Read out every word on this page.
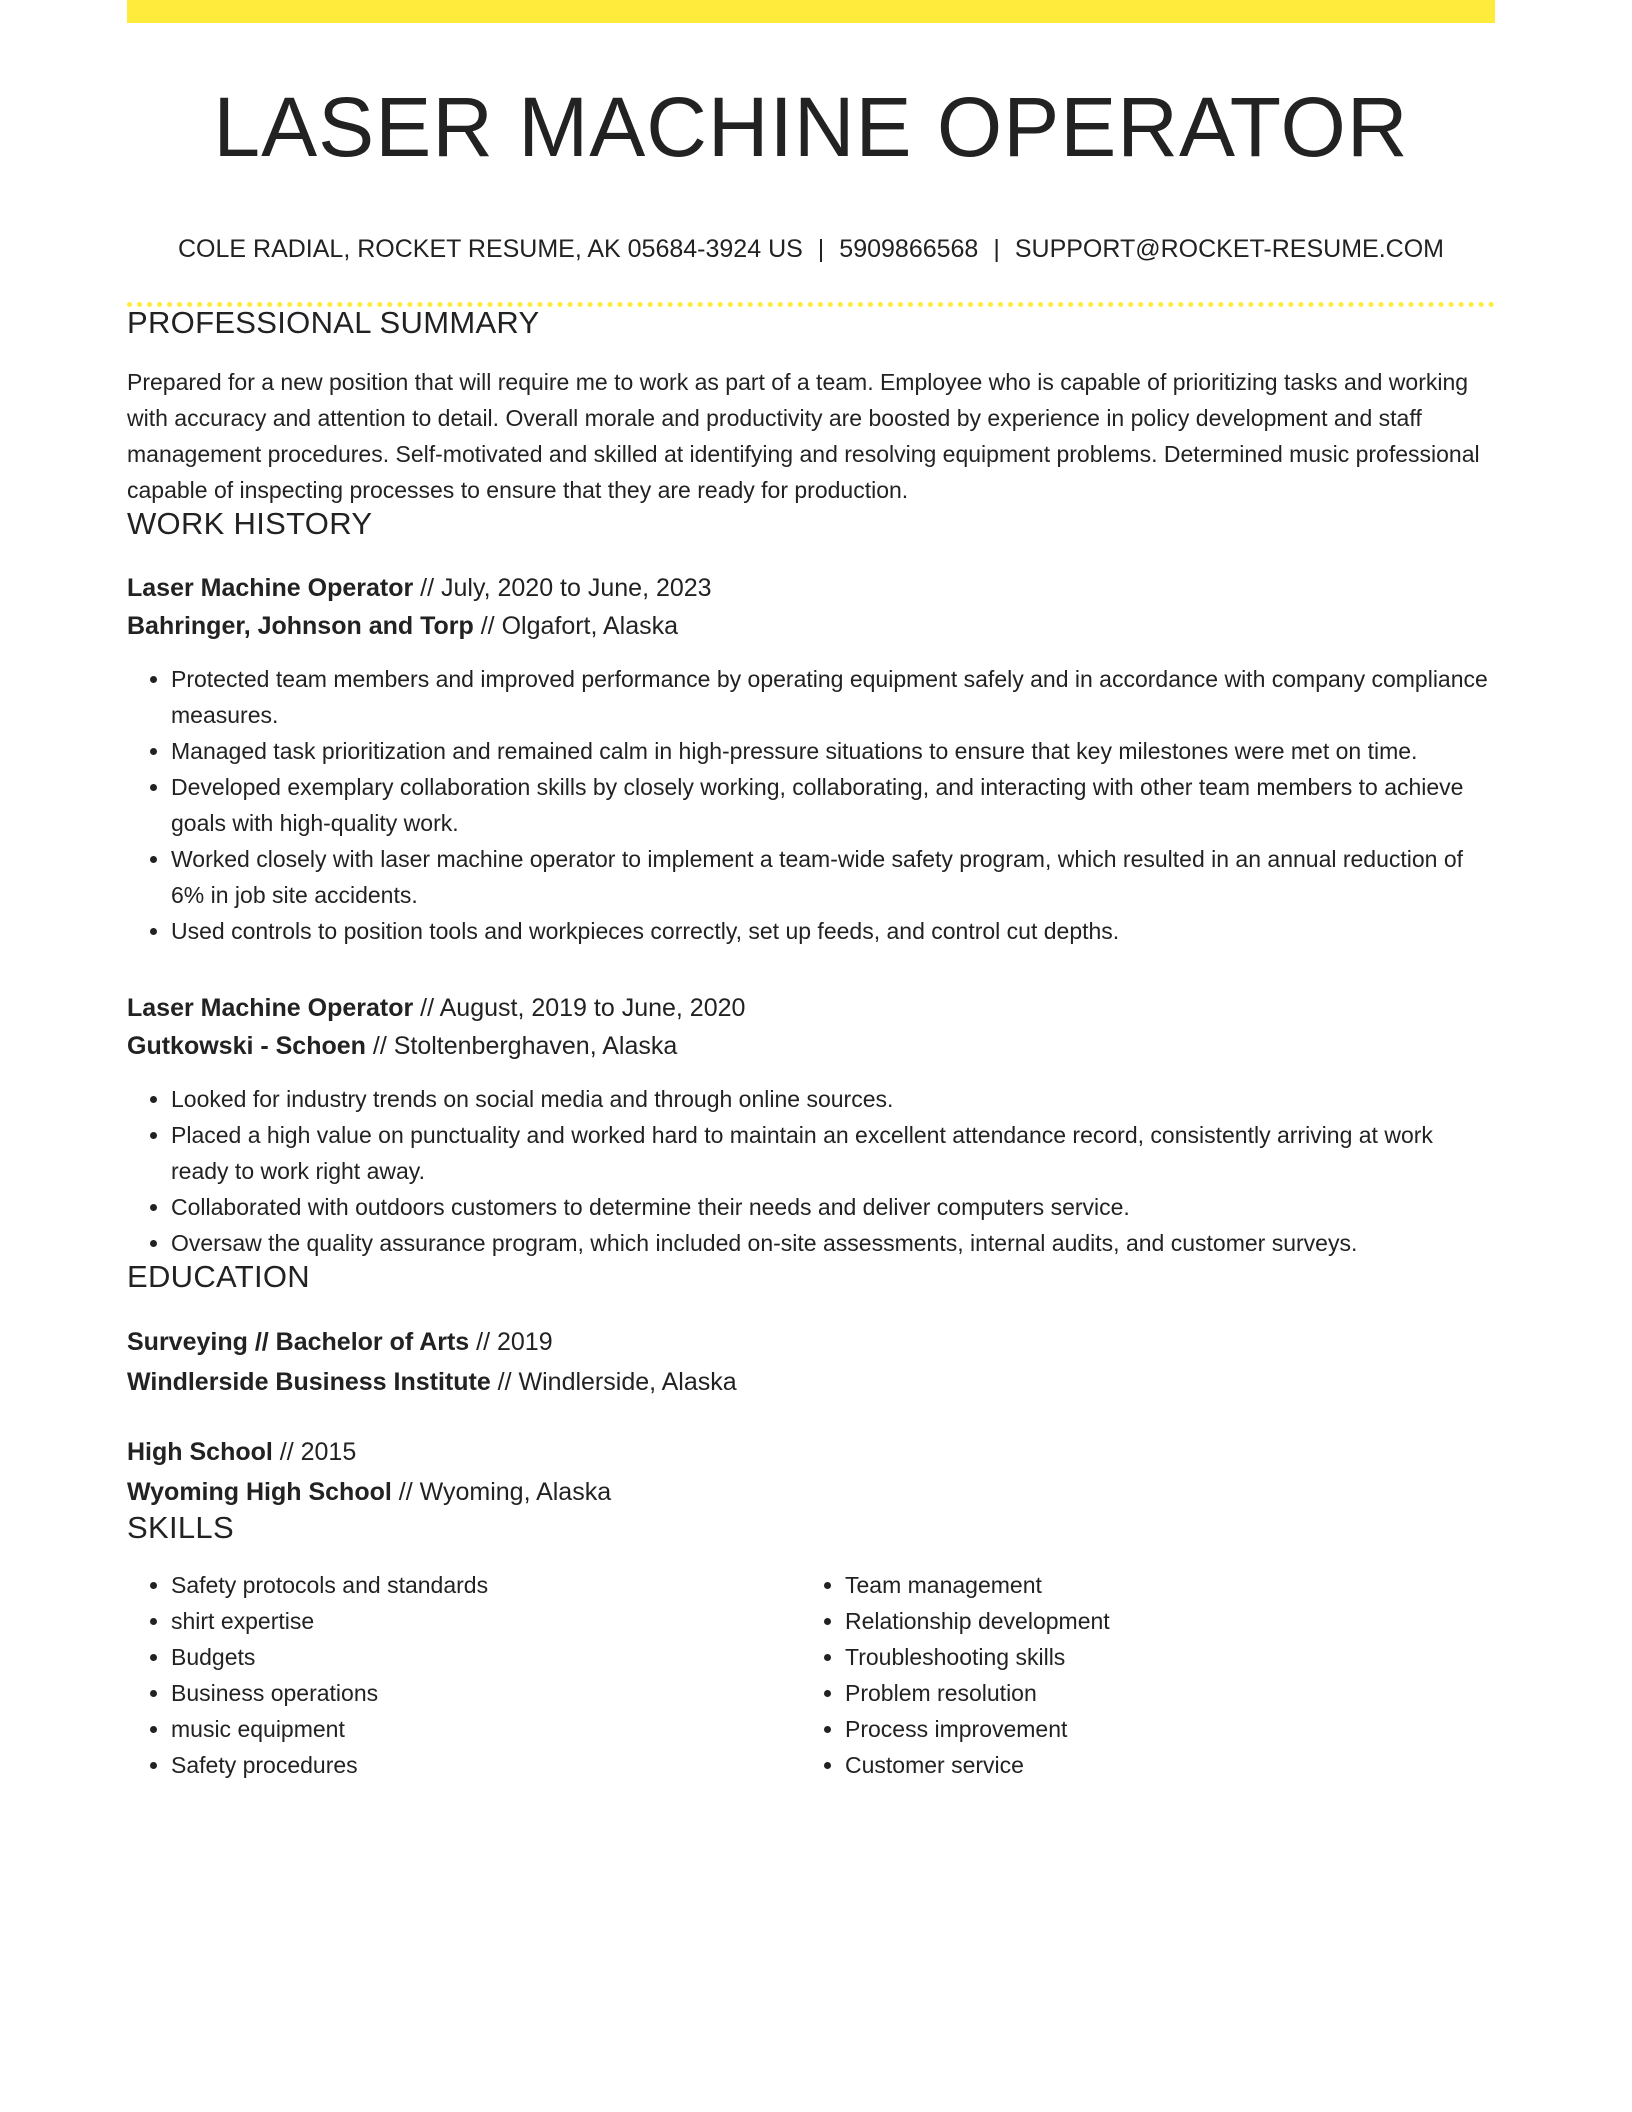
LASER MACHINE OPERATOR
COLE RADIAL, ROCKET RESUME, AK 05684-3924 US | 5909866568 | SUPPORT@ROCKET-RESUME.COM
PROFESSIONAL SUMMARY

Prepared for a new position that will require me to work as part of a team. Employee who is capable of prioritizing tasks and working with accuracy and attention to detail. Overall morale and productivity are boosted by experience in policy development and staff management procedures. Self-motivated and skilled at identifying and resolving equipment problems. Determined music professional capable of inspecting processes to ensure that they are ready for production.

WORK HISTORY
Laser Machine Operator // July, 2020 to June, 2023
Bahringer, Johnson and Torp // Olgafort, Alaska
• Protected team members and improved performance by operating equipment safely and in accordance with company compliance measures.
• Managed task prioritization and remained calm in high-pressure situations to ensure that key milestones were met on time.
• Developed exemplary collaboration skills by closely working, collaborating, and interacting with other team members to achieve goals with high-quality work.
• Worked closely with laser machine operator to implement a team-wide safety program, which resulted in an annual reduction of 6% in job site accidents.
• Used controls to position tools and workpieces correctly, set up feeds, and control cut depths.
Laser Machine Operator // August, 2019 to June, 2020
Gutkowski - Schoen // Stoltenberghaven, Alaska
• Looked for industry trends on social media and through online sources.
• Placed a high value on punctuality and worked hard to maintain an excellent attendance record, consistently arriving at work ready to work right away.
• Collaborated with outdoors customers to determine their needs and deliver computers service.
• Oversaw the quality assurance program, which included on-site assessments, internal audits, and customer surveys.
EDUCATION
Surveying // Bachelor of Arts // 2019
Windlerside Business Institute // Windlerside, Alaska
High School // 2015
Wyoming High School // Wyoming, Alaska
SKILLS
• Safety protocols and standards
• shirt expertise
• Budgets
• Business operations
• music equipment
• Safety procedures
• Team management
• Relationship development
• Troubleshooting skills
• Problem resolution
• Process improvement
• Customer service
